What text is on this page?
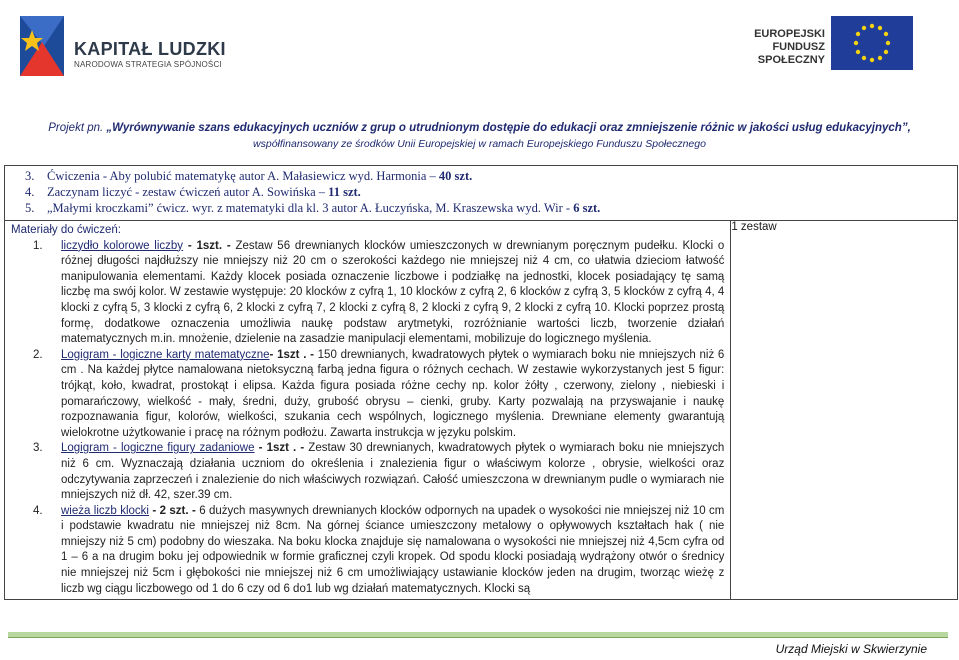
KAPITAŁ LUDZKI
NARODOWA STRATEGIA SPÓJNOŚCI
EUROPEJSKI
FUNDUSZ SPOŁECZNY
Projekt pn. „Wyrównywanie szans edukacyjnych uczniów z grup o utrudnionym dostępie do edukacji oraz zmniejszenie różnic w jakości usług edukacyjnych”,
współfinansowany ze środków Unii Europejskiej w ramach Europejskiego Funduszu Społecznego
3. Ćwiczenia - Aby polubić matematykę autor A. Małasiewicz wyd. Harmonia – 40 szt.
4. Zaczynam liczyć - zestaw ćwiczeń autor A. Sowińska – 11 szt.
5. „Małymi kroczkami” ćwicz. wyr. z matematyki dla kl. 3 autor A. Łuczyńska, M. Kraszewska wyd. Wir - 6 szt.

Materiały do ćwiczeń:
1.	liczydło kolorowe liczby - 1szt. - Zestaw 56 drewnianych klocków umieszczonych w drewnianym poręcznym pudełku. Klocki o różnej długości najdłuższy nie mniejszy niż 20 cm o szerokości każdego nie mniejszej niż 4 cm, co ułatwia dzieciom łatwość manipulowania elementami. Każdy klocek posiada oznaczenie liczbowe i podziałkę na jednostki, klocek posiadający tę samą liczbę ma swój kolor. W zestawie występuje: 20 klocków z cyfrą 1, 10 klocków z cyfrą 2, 6 klocków z cyfrą 3, 5 klocków z cyfrą 4, 4 klocki z cyfrą 5, 3 klocki z cyfrą 6, 2 klocki z cyfrą 7, 2 klocki z cyfrą 8, 2 klocki z cyfrą 9, 2 klocki z cyfrą 10. Klocki poprzez prostą formę, dodatkowe oznaczenia umożliwia naukę podstaw arytmetyki, rozróżnianie wartości liczb, tworzenie działań matematycznych m.in. mnożenie, dzielenie na zasadzie manipulacji elementami, mobilizuje do logicznego myślenia.
2.	Logigram - logiczne karty matematyczne- 1szt . - 150 drewnianych, kwadratowych płytek o wymiarach boku nie mniejszych niż 6 cm . Na każdej płytce namalowana nietoksyczną farbą jedna figura o różnych cechach. W zestawie wykorzystanych jest 5 figur: trójkąt, koło, kwadrat, prostokąt i elipsa. Każda figura posiada różne cechy np. kolor żółty , czerwony, zielony , niebieski i pomarańczowy, wielkość - mały, średni, duży, grubość obrysu – cienki, gruby. Karty pozwalają na przyswajanie i naukę rozpoznawania figur, kolorów, wielkości, szukania cech wspólnych, logicznego myślenia. Drewniane elementy gwarantują wielokrotne użytkowanie i pracę na różnym podłożu. Zawarta instrukcja w języku polskim.
3.	Logigram - logiczne figury zadaniowe - 1szt . - Zestaw 30 drewnianych, kwadratowych płytek o wymiarach boku nie mniejszych niż 6 cm. Wyznaczają działania uczniom do określenia i znalezienia figur o właściwym kolorze , obrysie, wielkości oraz odczytywania zaprzeczeń i znalezienie do nich właściwych rozwiązań. Całość umieszczona w drewnianym pudle o wymiarach nie mniejszych niż dł. 42, szer.39 cm.
4.	wieża liczb klocki - 2 szt. - 6 dużych masywnych drewnianych klocków odpornych na upadek o wysokości nie mniejszej niż 10 cm i podstawie kwadratu nie mniejszej niż 8cm. Na górnej ściance umieszczony metalowy o opływowych kształtach hak ( nie mniejszy niż 5 cm) podobny do wieszaka. Na boku klocka znajduje się namalowana o wysokości nie mniejszej niż 4,5cm cyfra od 1 – 6 a na drugim boku jej odpowiednik w formie graficznej czyli kropek. Od spodu klocki posiadają wydrążony otwór o średnicy nie mniejszej niż 5cm i głębokości nie mniejszej niż 6 cm umożliwiający ustawianie klocków jeden na drugim, tworząc wieżę z liczb wg ciągu liczbowego od 1 do 6 czy od 6 do1 lub wg działań matematycznych. Klocki są
	1 zestaw
Urząd Miejski w Skwierzynie
